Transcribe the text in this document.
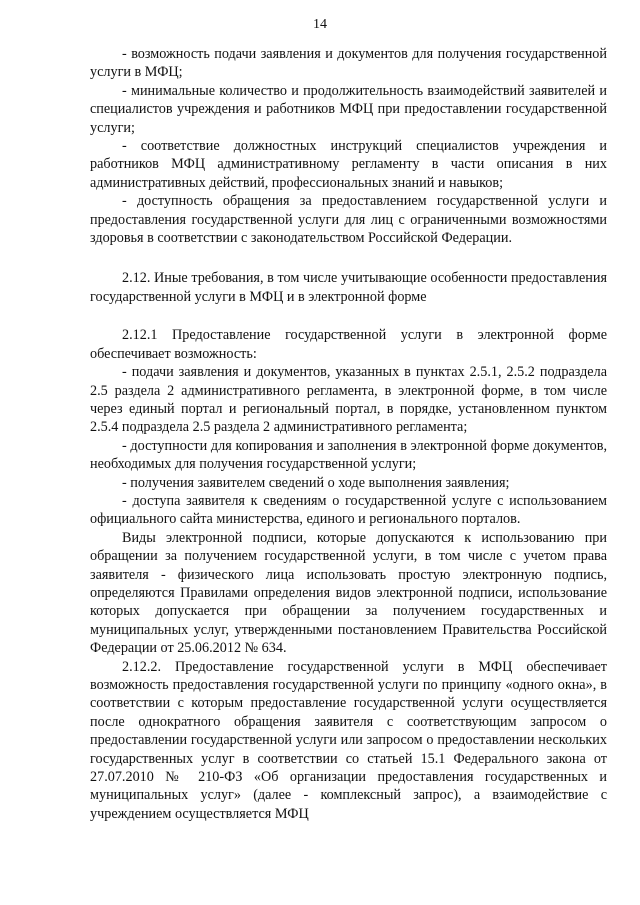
14

- возможность подачи заявления и документов для получения государственной услуги в МФЦ;

- минимальные количество и продолжительность взаимодействий заявителей и специалистов учреждения и работников МФЦ при предоставлении государственной услуги;

- соответствие должностных инструкций специалистов учреждения и работников МФЦ административному регламенту в части описания в них административных действий, профессиональных знаний и навыков;

- доступность обращения за предоставлением государственной услуги и предоставления государственной услуги для лиц с ограниченными возможностями здоровья в соответствии с законодательством Российской Федерации.

2.12. Иные требования, в том числе учитывающие особенности предоставления государственной услуги в МФЦ и в электронной форме

2.12.1 Предоставление государственной услуги в электронной форме обеспечивает возможность:

- подачи заявления и документов, указанных в пунктах 2.5.1, 2.5.2 подраздела 2.5 раздела 2 административного регламента, в электронной форме, в том числе через единый портал и региональный портал, в порядке, установленном пунктом 2.5.4 подраздела 2.5 раздела 2 административного регламента;

- доступности для копирования и заполнения в электронной форме документов, необходимых для получения государственной услуги;

- получения заявителем сведений о ходе выполнения заявления;

- доступа заявителя к сведениям о государственной услуге с использованием официального сайта министерства, единого и регионального порталов.

Виды электронной подписи, которые допускаются к использованию при обращении за получением государственной услуги, в том числе с учетом права заявителя - физического лица использовать простую электронную подпись, определяются Правилами определения видов электронной подписи, использование которых допускается при обращении за получением государственных и муниципальных услуг, утвержденными постановлением Правительства Российской Федерации от 25.06.2012 № 634.

2.12.2. Предоставление государственной услуги в МФЦ обеспечивает возможность предоставления государственной услуги по принципу «одного окна», в соответствии с которым предоставление государственной услуги осуществляется после однократного обращения заявителя с соответствующим запросом о предоставлении государственной услуги или запросом о предоставлении нескольких государственных услуг в соответствии со статьей 15.1 Федерального закона от 27.07.2010 № 210-ФЗ «Об организации предоставления государственных и муниципальных услуг» (далее - комплексный запрос), а взаимодействие с учреждением осуществляется МФЦ
